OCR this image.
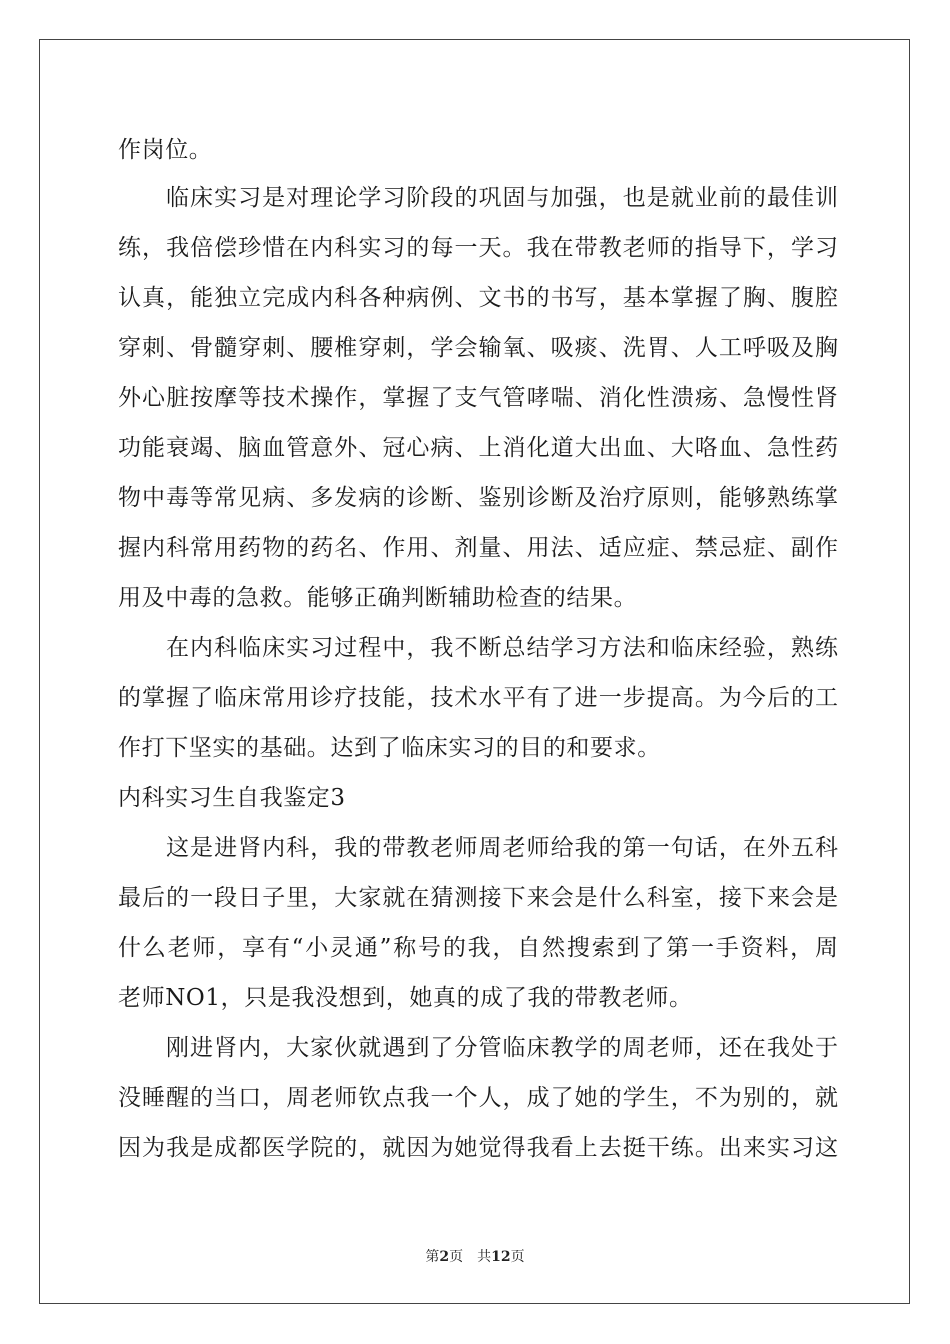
作岗位。
临床实习是对理论学习阶段的巩固与加强，也是就业前的最佳训
练，我倍偿珍惜在内科实习的每一天。我在带教老师的指导下，学习
认真，能独立完成内科各种病例、文书的书写，基本掌握了胸、腹腔
穿刺、骨髓穿刺、腰椎穿刺，学会输氧、吸痰、洗胃、人工呼吸及胸
外心脏按摩等技术操作，掌握了支气管哮喘、消化性溃疡、急慢性肾
功能衰竭、脑血管意外、冠心病、上消化道大出血、大咯血、急性药
物中毒等常见病、多发病的诊断、鉴别诊断及治疗原则，能够熟练掌
握内科常用药物的药名、作用、剂量、用法、适应症、禁忌症、副作
用及中毒的急救。能够正确判断辅助检查的结果。
在内科临床实习过程中，我不断总结学习方法和临床经验，熟练
的掌握了临床常用诊疗技能，技术水平有了进一步提高。为今后的工
作打下坚实的基础。达到了临床实习的目的和要求。
内科实习生自我鉴定3
这是进肾内科，我的带教老师周老师给我的第一句话，在外五科
最后的一段日子里，大家就在猜测接下来会是什么科室，接下来会是
什么老师，享有“小灵通”称号的我，自然搜索到了第一手资料，周
老师NO1，只是我没想到，她真的成了我的带教老师。
刚进肾内，大家伙就遇到了分管临床教学的周老师，还在我处于
没睡醒的当口，周老师钦点我一个人，成了她的学生，不为别的，就
因为我是成都医学院的，就因为她觉得我看上去挺干练。出来实习这
第2页 共12页
